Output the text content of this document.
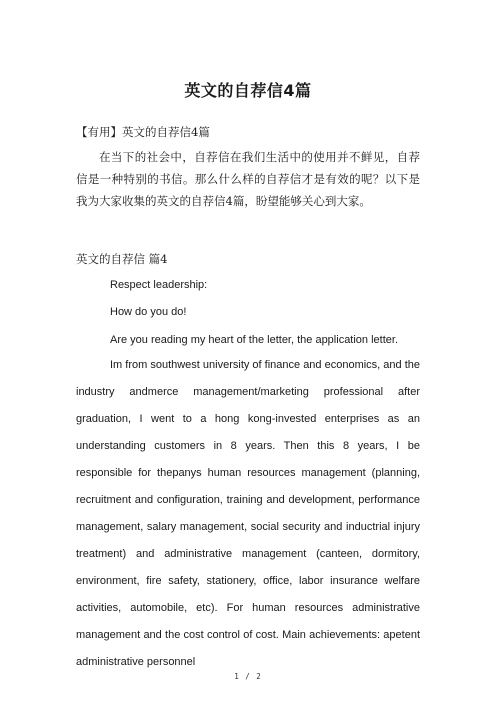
英文的自荐信4篇
【有用】英文的自荐信4篇
在当下的社会中，自荐信在我们生活中的使用并不鲜见，自荐信是一种特别的书信。那么什么样的自荐信才是有效的呢？以下是我为大家收集的英文的自荐信4篇，盼望能够关心到大家。
英文的自荐信 篇4
Respect leadership:
How do you do!
Are you reading my heart of the letter, the application letter.
Im from southwest university of finance and economics, and the industry andmerce management/marketing professional after graduation, I went to a hong kong-invested enterprises as an understanding customers in 8 years. Then this 8 years, I be responsible for thepanys human resources management (planning, recruitment and configuration, training and development, performance management, salary management, social security and inductrial injury treatment) and administrative management (canteen, dormitory, environment, fire safety, stationery, office, labor insurance welfare activities, automobile, etc). For human resources administrative management and the cost control of cost. Main achievements: apetent administrative personnel
1 / 2
